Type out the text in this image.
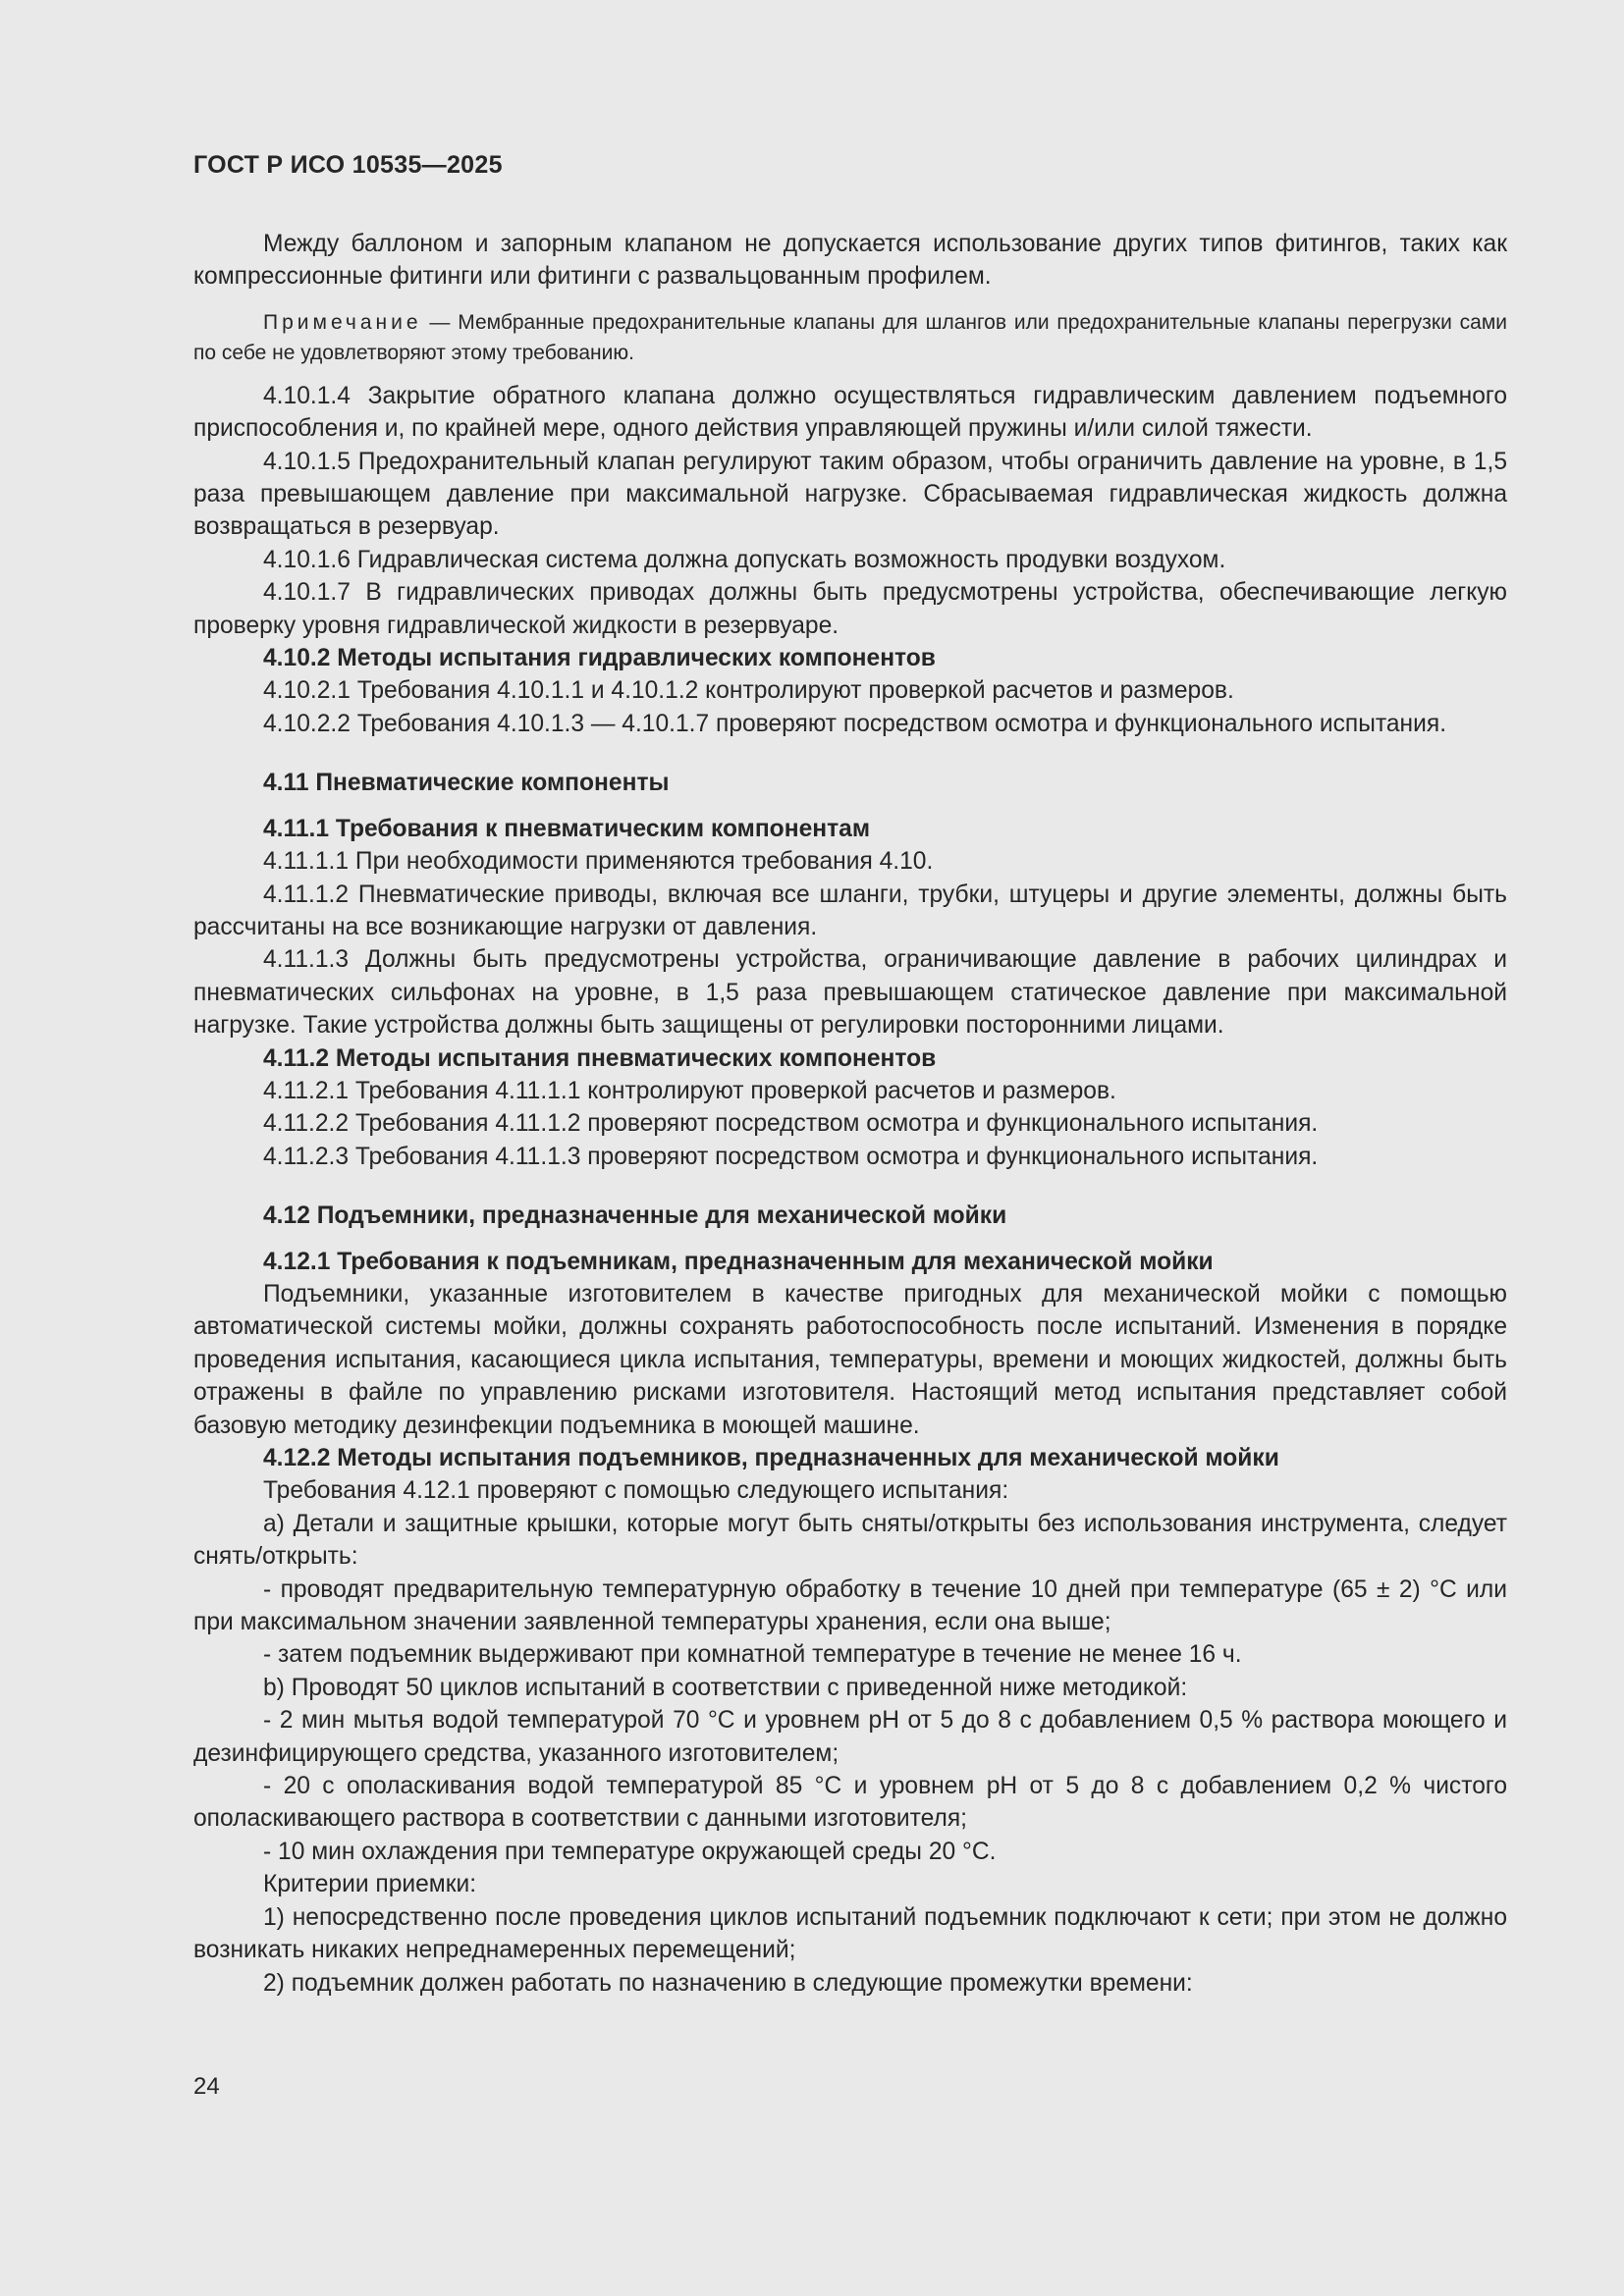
ГОСТ Р ИСО 10535—2025

Между баллоном и запорным клапаном не допускается использование других типов фитингов, таких как компрессионные фитинги или фитинги с развальцованным профилем.

Примечание — Мембранные предохранительные клапаны для шлангов или предохранительные клапаны перегрузки сами по себе не удовлетворяют этому требованию.

4.10.1.4 Закрытие обратного клапана должно осуществляться гидравлическим давлением подъемного приспособления и, по крайней мере, одного действия управляющей пружины и/или силой тяжести.

4.10.1.5 Предохранительный клапан регулируют таким образом, чтобы ограничить давление на уровне, в 1,5 раза превышающем давление при максимальной нагрузке. Сбрасываемая гидравлическая жидкость должна возвращаться в резервуар.

4.10.1.6 Гидравлическая система должна допускать возможность продувки воздухом.

4.10.1.7 В гидравлических приводах должны быть предусмотрены устройства, обеспечивающие легкую проверку уровня гидравлической жидкости в резервуаре.

4.10.2 Методы испытания гидравлических компонентов

4.10.2.1 Требования 4.10.1.1 и 4.10.1.2 контролируют проверкой расчетов и размеров.

4.10.2.2 Требования 4.10.1.3 — 4.10.1.7 проверяют посредством осмотра и функционального испытания.

4.11 Пневматические компоненты

4.11.1 Требования к пневматическим компонентам

4.11.1.1 При необходимости применяются требования 4.10.

4.11.1.2 Пневматические приводы, включая все шланги, трубки, штуцеры и другие элементы, должны быть рассчитаны на все возникающие нагрузки от давления.

4.11.1.3 Должны быть предусмотрены устройства, ограничивающие давление в рабочих цилиндрах и пневматических сильфонах на уровне, в 1,5 раза превышающем статическое давление при максимальной нагрузке. Такие устройства должны быть защищены от регулировки посторонними лицами.

4.11.2 Методы испытания пневматических компонентов

4.11.2.1 Требования 4.11.1.1 контролируют проверкой расчетов и размеров.

4.11.2.2 Требования 4.11.1.2 проверяют посредством осмотра и функционального испытания.

4.11.2.3 Требования 4.11.1.3 проверяют посредством осмотра и функционального испытания.

4.12 Подъемники, предназначенные для механической мойки

4.12.1 Требования к подъемникам, предназначенным для механической мойки

Подъемники, указанные изготовителем в качестве пригодных для механической мойки с помощью автоматической системы мойки, должны сохранять работоспособность после испытаний. Изменения в порядке проведения испытания, касающиеся цикла испытания, температуры, времени и моющих жидкостей, должны быть отражены в файле по управлению рисками изготовителя. Настоящий метод испытания представляет собой базовую методику дезинфекции подъемника в моющей машине.

4.12.2 Методы испытания подъемников, предназначенных для механической мойки

Требования 4.12.1 проверяют с помощью следующего испытания:

a) Детали и защитные крышки, которые могут быть сняты/открыты без использования инструмента, следует снять/открыть:

- проводят предварительную температурную обработку в течение 10 дней при температуре (65 ± 2) °C или при максимальном значении заявленной температуры хранения, если она выше;

- затем подъемник выдерживают при комнатной температуре в течение не менее 16 ч.

b) Проводят 50 циклов испытаний в соответствии с приведенной ниже методикой:

- 2 мин мытья водой температурой 70 °C и уровнем pH от 5 до 8 с добавлением 0,5 % раствора моющего и дезинфицирующего средства, указанного изготовителем;

- 20 с ополаскивания водой температурой 85 °C и уровнем pH от 5 до 8 с добавлением 0,2 % чистого ополаскивающего раствора в соответствии с данными изготовителя;

- 10 мин охлаждения при температуре окружающей среды 20 °C.

Критерии приемки:

1) непосредственно после проведения циклов испытаний подъемник подключают к сети; при этом не должно возникать никаких непреднамеренных перемещений;

2) подъемник должен работать по назначению в следующие промежутки времени:

24
